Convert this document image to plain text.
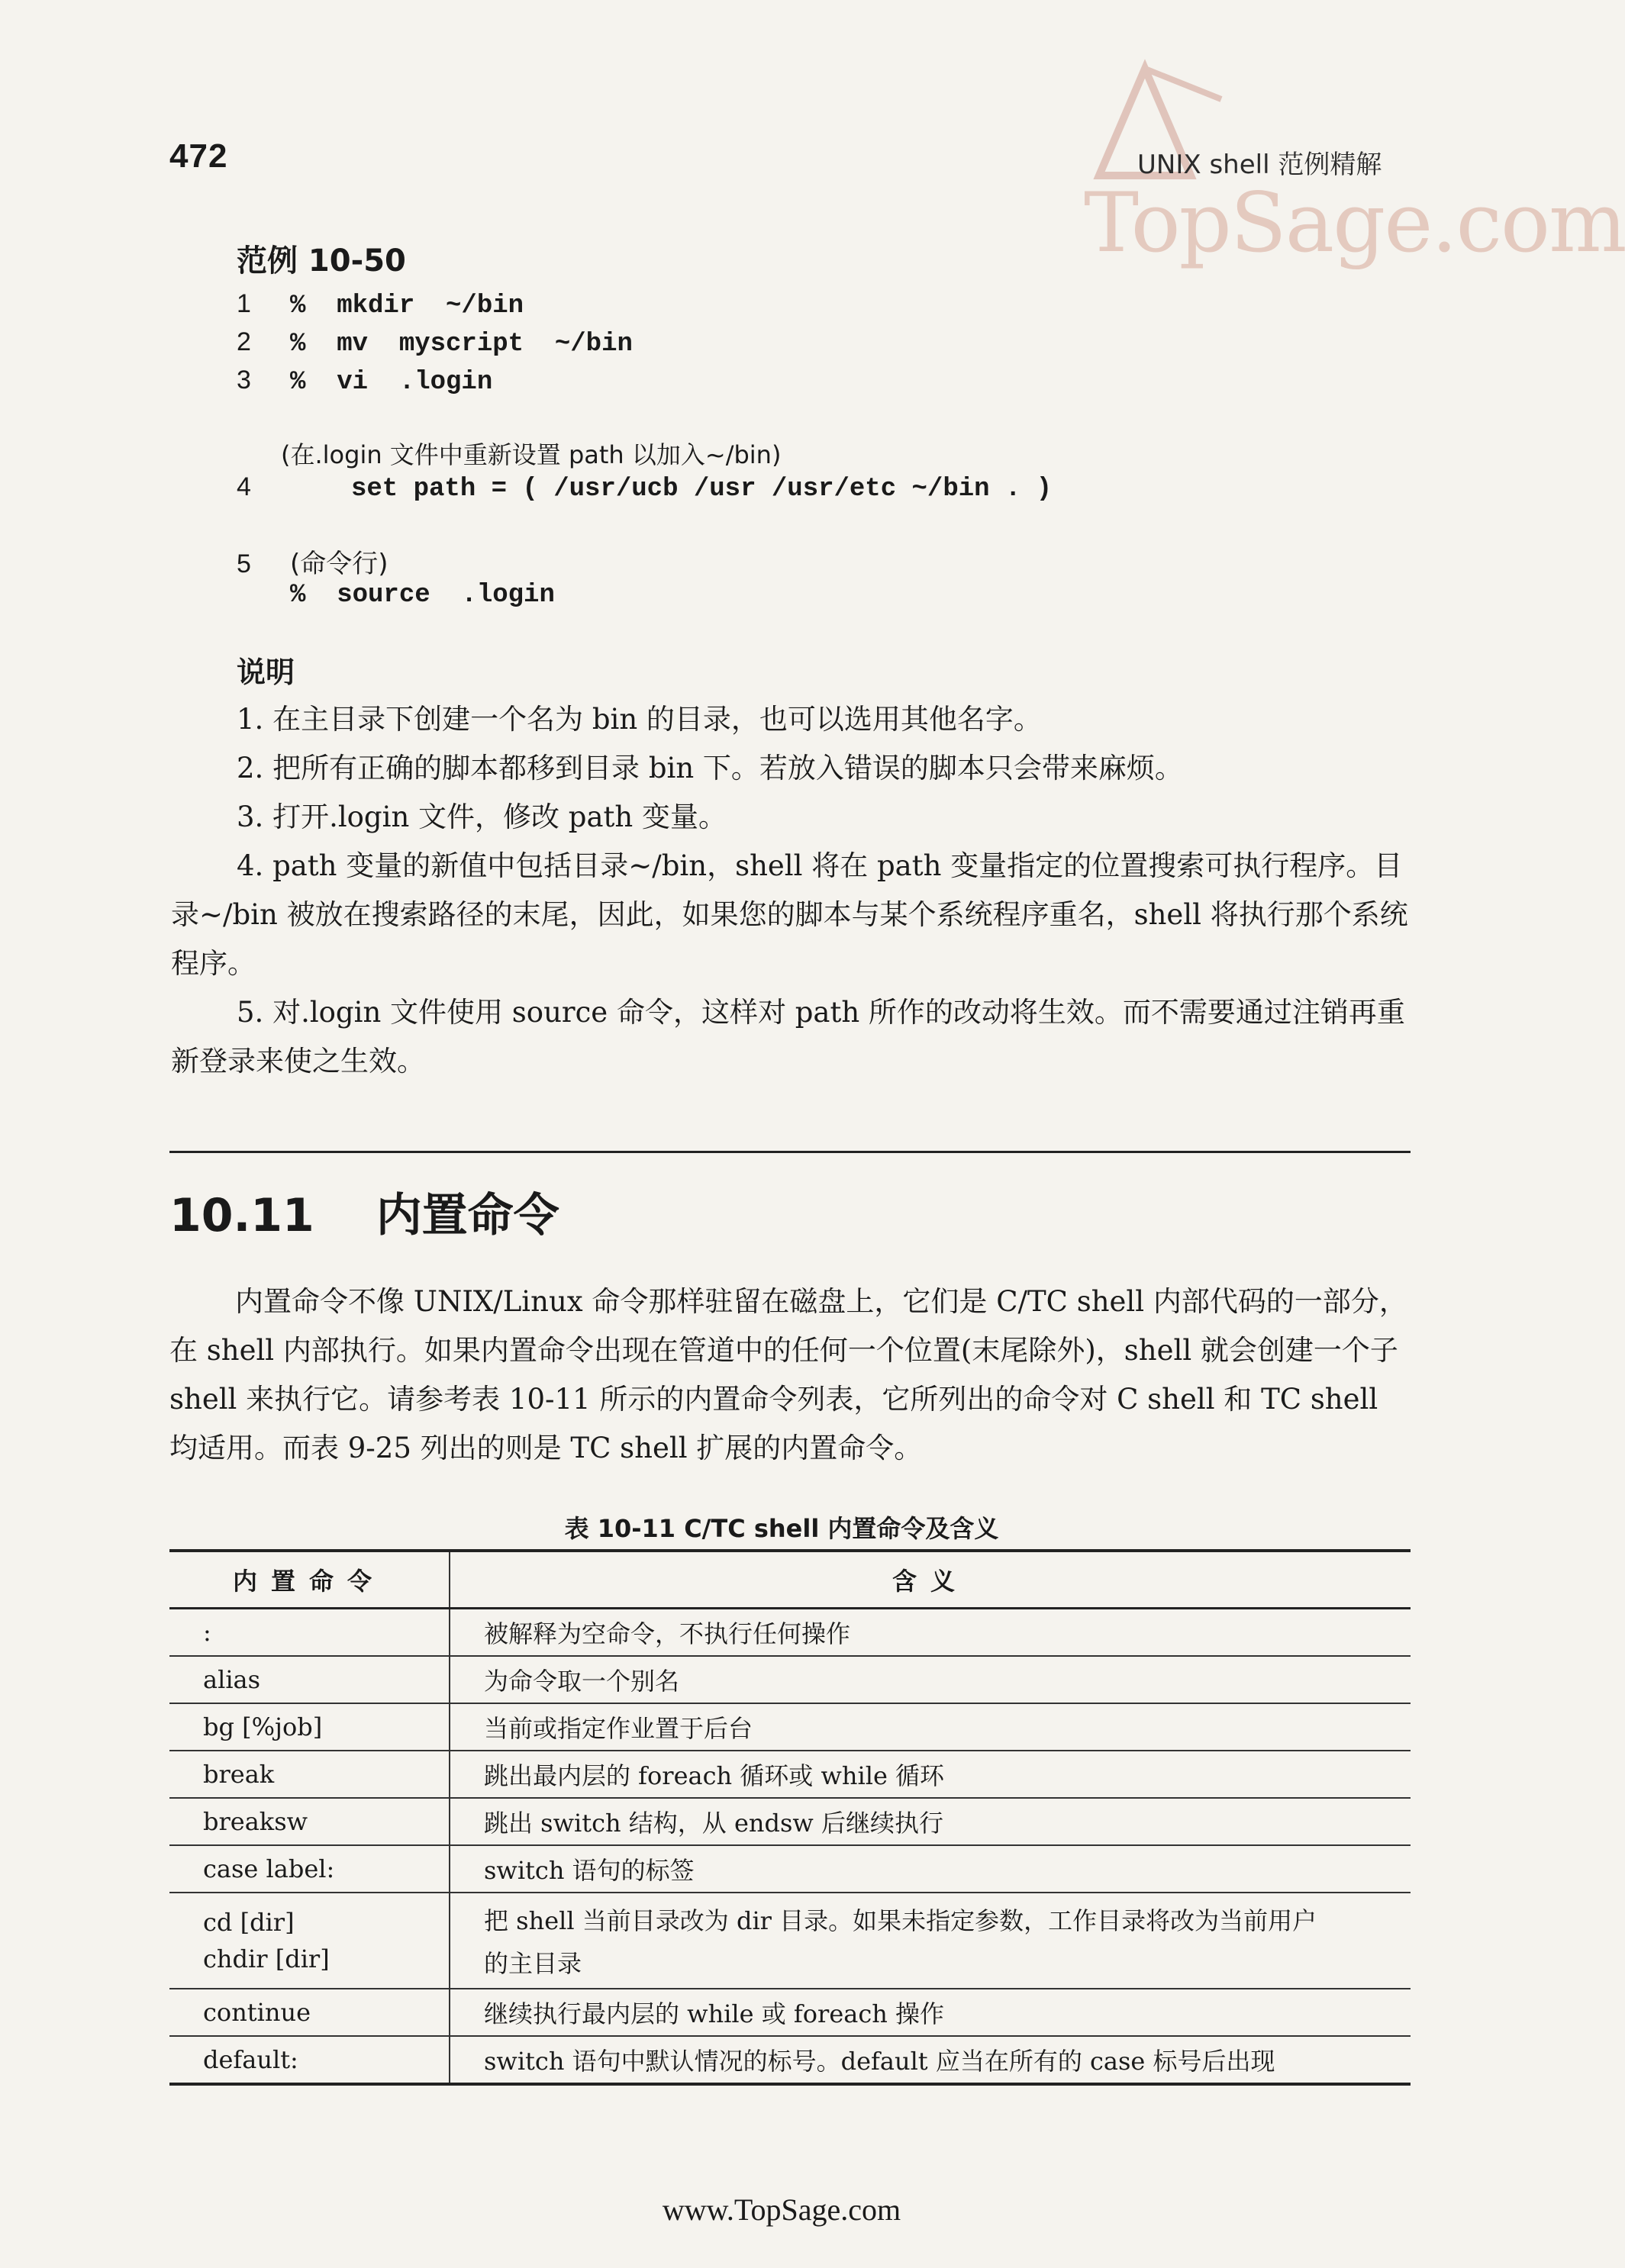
TopSage.com
472	UNIX shell 范例精解
范例 10-50
1	%  mkdir  ~/bin
2	%  mv  myscript  ~/bin
3	%  vi  .login
(在.login 文件中重新设置 path 以加入~/bin)
4	set path = ( /usr/ucb /usr /usr/etc ~/bin . )
5	(命令行)
%  source  .login
说明

1. 在主目录下创建一个名为 bin 的目录，也可以选用其他名字。

2. 把所有正确的脚本都移到目录 bin 下。若放入错误的脚本只会带来麻烦。

3. 打开.login 文件，修改 path 变量。

4. path 变量的新值中包括目录~/bin，shell 将在 path 变量指定的位置搜索可执行程序。目录~/bin 被放在搜索路径的末尾，因此，如果您的脚本与某个系统程序重名，shell 将执行那个系统程序。

5. 对.login 文件使用 source 命令，这样对 path 所作的改动将生效。而不需要通过注销再重新登录来使之生效。

10.11 内置命令

内置命令不像 UNIX/Linux 命令那样驻留在磁盘上，它们是 C/TC shell 内部代码的一部分，在 shell 内部执行。如果内置命令出现在管道中的任何一个位置(末尾除外)，shell 就会创建一个子 shell 来执行它。请参考表 10-11 所示的内置命令列表，它所列出的命令对 C shell 和 TC shell 均适用。而表 9-25 列出的则是 TC shell 扩展的内置命令。

表 10-11 C/TC shell 内置命令及含义
内置命令	含义
:	被解释为空命令，不执行任何操作
alias	为命令取一个别名
bg [%job]	当前或指定作业置于后台
break	跳出最内层的 foreach 循环或 while 循环
breaksw	跳出 switch 结构，从 endsw 后继续执行
case label:	switch 语句的标签
cd [dir]
chdir [dir]	把 shell 当前目录改为 dir 目录。如果未指定参数，工作目录将改为当前用户
的主目录

continue	继续执行最内层的 while 或 foreach 操作
default:	switch 语句中默认情况的标号。default 应当在所有的 case 标号后出现
www.TopSage.com
